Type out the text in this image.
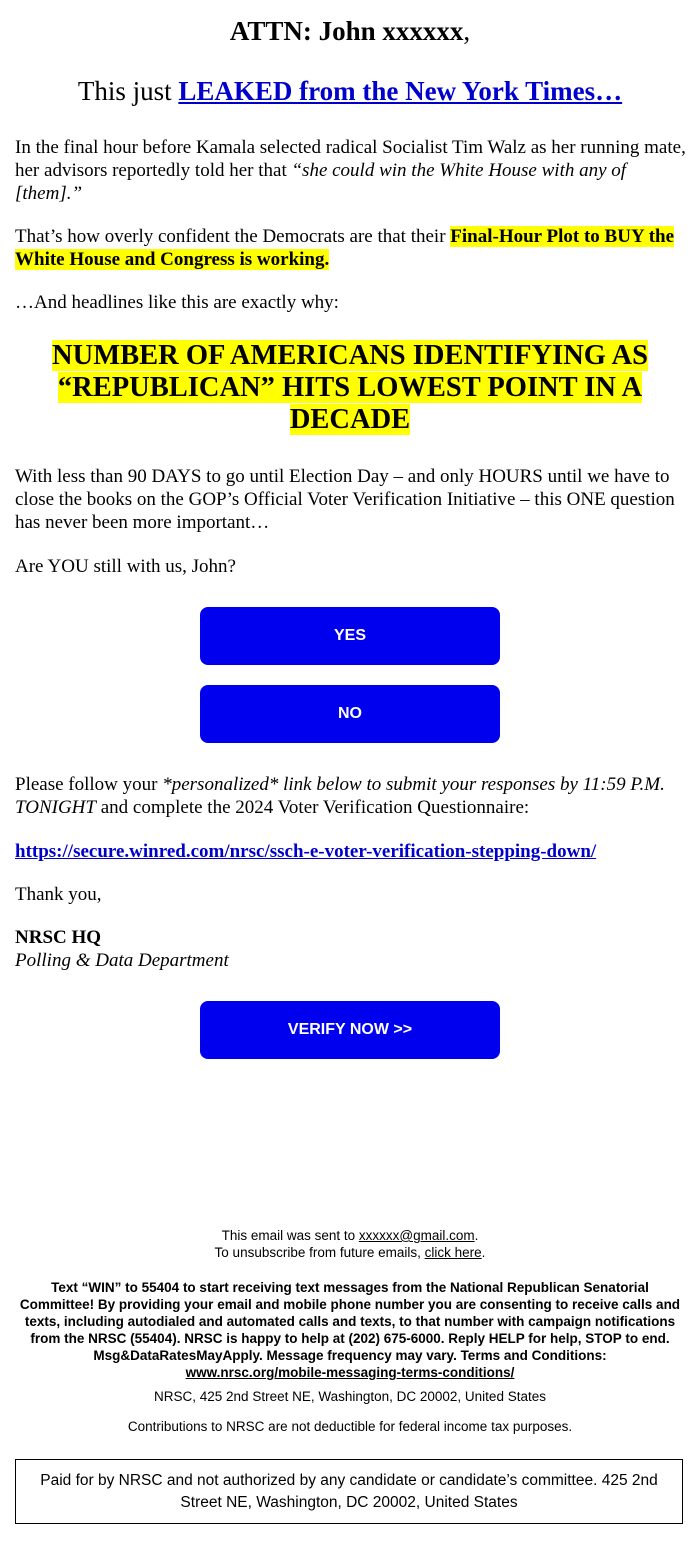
ATTN: John xxxxxx,
This just LEAKED from the New York Times…

In the final hour before Kamala selected radical Socialist Tim Walz as her running mate, her advisors reportedly told her that “she could win the White House with any of [them].”

That’s how overly confident the Democrats are that their Final-Hour Plot to BUY the White House and Congress is working.

…And headlines like this are exactly why:

NUMBER OF AMERICANS IDENTIFYING AS
“REPUBLICAN” HITS LOWEST POINT IN A
DECADE

With less than 90 DAYS to go until Election Day – and only HOURS until we have to close the books on the GOP’s Official Voter Verification Initiative – this ONE question has never been more important…

Are YOU still with us, John?

YES
NO

Please follow your *personalized* link below to submit your responses by 11:59 P.M. TONIGHT and complete the 2024 Voter Verification Questionnaire:

https://secure.winred.com/nrsc/ssch-e-voter-verification-stepping-down/

Thank you,

NRSC HQ
Polling & Data Department
VERIFY NOW >>
This email was sent to xxxxxx@gmail.com.
To unsubscribe from future emails, click here.
Text “WIN” to 55404 to start receiving text messages from the National Republican Senatorial Committee! By providing your email and mobile phone number you are consenting to receive calls and texts, including autodialed and automated calls and texts, to that number with campaign notifications from the NRSC (55404). NRSC is happy to help at (202) 675-6000. Reply HELP for help, STOP to end. Msg&DataRatesMayApply. Message frequency may vary. Terms and Conditions:
www.nrsc.org/mobile-messaging-terms-conditions/
NRSC, 425 2nd Street NE, Washington, DC 20002, United States
Contributions to NRSC are not deductible for federal income tax purposes.
Paid for by NRSC and not authorized by any candidate or candidate’s committee. 425 2nd Street NE, Washington, DC 20002, United States
